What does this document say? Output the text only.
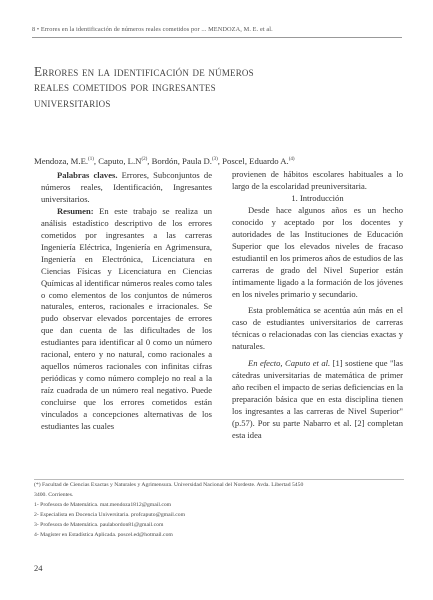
8 • Errores en la identificación de números reales cometidos por ... MENDOZA, M. E. et al.
Errores en la identificación de números
reales cometidos por ingresantes
universitarios
Mendoza, M.E.$^{(1)}$, Caputo, $L.N^{(2)}$, Bordón, Paula D.$^{(3)}$, Poscel, Eduardo A.$^{(4)}$

Palabras claves. Errores, Subconjuntos de números reales, Identificación, Ingresantes universitarios.

Resumen: En este trabajo se realiza un análisis estadístico descriptivo de los errores cometidos por ingresantes a las carreras Ingeniería Eléctrica, Ingeniería en Agrimensura, Ingeniería en Electrónica, Licenciatura en Ciencias Físicas y Licenciatura en Ciencias Químicas al identificar números reales como tales o como elementos de los conjuntos de números naturales, enteros, racionales e irracionales. Se pudo observar elevados porcentajes de errores que dan cuenta de las dificultades de los estudiantes para identificar al 0 como un número racional, entero y no natural, como racionales a aquellos números racionales con infinitas cifras periódicas y como número complejo no real a la raíz cuadrada de un número real negativo. Puede concluirse que los errores cometidos están vinculados a concepciones alternativas de los estudiantes las cuales

provienen de hábitos escolares habituales a lo largo de la escolaridad preuniversitaria.

1. Introducción

Desde hace algunos años es un hecho conocido y aceptado por los docentes y autoridades de las Instituciones de Educación Superior que los elevados niveles de fracaso estudiantil en los primeros años de estudios de las carreras de grado del Nivel Superior están íntimamente ligado a la formación de los jóvenes en los niveles primario y secundario.

Esta problemática se acentúa aún más en el caso de estudiantes universitarios de carreras técnicas o relacionadas con las ciencias exactas y naturales.

En efecto, Caputo et al. [1] sostiene que "las cátedras universitarias de matemática de primer año reciben el impacto de serias deficiencias en la preparación básica que en esta disciplina tienen los ingresantes a las carreras de Nivel Superior" (p.57). Por su parte Nabarro et al. [2] completan esta idea

(*) Facultad de Ciencias Exactas y Naturales y Agrimensura. Universidad Nacional del Nordeste. Avda. Libertad 5450
3400. Corrientes.
1- Profesora de Matemática. mat.mendoza1812@gmail.com
2- Especialista en Docencia Universitaria. profcaputo@gmail.com
3- Profesora de Matemática. paulabordon81@gmail.com
4- Magíster en Estadística Aplicada. poscel.ed@hotmail.com
24
